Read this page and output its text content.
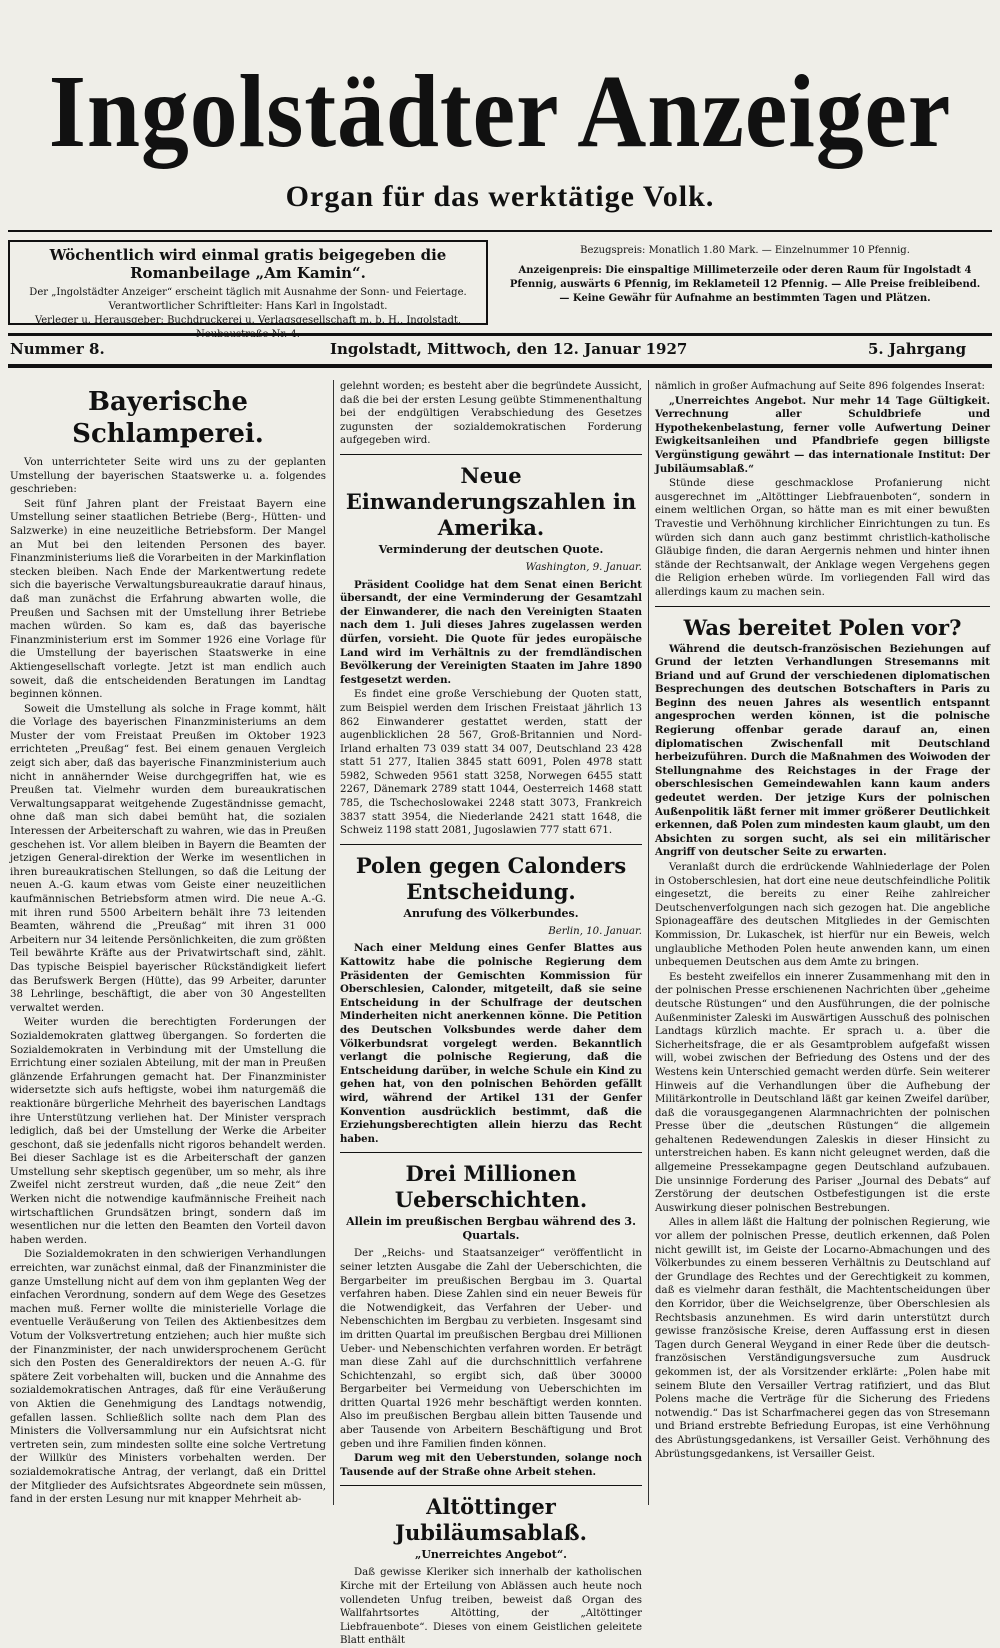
Ingolstädter Anzeiger
Organ für das werktätige Volk.
Wöchentlich wird einmal gratis beigegeben die Romanbeilage „Am Kamin“.
Der „Ingolstädter Anzeiger“ erscheint täglich mit Ausnahme der Sonn- und Feiertage.
Verantwortlicher Schriftleiter: Hans Karl in Ingolstadt.
Verleger u. Herausgeber: Buchdruckerei u. Verlagsgesellschaft m. b. H., Ingolstadt,
Bezugspreis: Monatlich 1.80 Mark. — Einzelnummer 10 Pfennig.
Anzeigenpreis: Die einspaltige Millimeterzeile oder deren Raum für Ingolstadt 4 Pfennig, auswärts 6 Pfennig, im Reklameteil 12 Pfennig. — Alle Preise freibleibend. — Keine Gewähr für Aufnahme an bestimmten Tagen und Plätzen.
Nummer 8.	Ingolstadt, Mittwoch, den 12. Januar 1927	5. Jahrgang
Bayerische Schlamperei.

Von unterrichteter Seite wird uns zu der geplanten Umstellung der bayerischen Staatswerke u. a. folgendes geschrieben:

Seit fünf Jahren plant der Freistaat Bayern eine Umstellung seiner staatlichen Betriebe (Berg-, Hütten- und Salzwerke) in eine neuzeitliche Betriebsform. Der Mangel an Mut bei den leitenden Personen des bayer. Finanzministeriums ließ die Vorarbeiten in der Markinflation stecken bleiben. Nach Ende der Markentwertung redete sich die bayerische Verwaltungsbureaukratie darauf hinaus, daß man zunächst die Erfahrung abwarten wolle, die Preußen und Sachsen mit der Umstellung ihrer Betriebe machen würden. So kam es, daß das bayerische Finanzministerium erst im Sommer 1926 eine Vorlage für die Umstellung der bayerischen Staatswerke in eine Aktiengesellschaft vorlegte. Jetzt ist man endlich auch soweit, daß die entscheidenden Beratungen im Landtag beginnen können.

Soweit die Umstellung als solche in Frage kommt, hält die Vorlage des bayerischen Finanzministeriums an dem Muster der vom Freistaat Preußen im Oktober 1923 errichteten „Preußag“ fest. Bei einem genauen Vergleich zeigt sich aber, daß das bayerische Finanzministerium auch nicht in annähernder Weise durchgegriffen hat, wie es Preußen tat. Vielmehr wurden dem bureaukratischen Verwaltungsapparat weitgehende Zugeständnisse gemacht, ohne daß man sich dabei bemüht hat, die sozialen Interessen der Arbeiterschaft zu wahren, wie das in Preußen geschehen ist. Vor allem bleiben in Bayern die Beamten der jetzigen General-direktion der Werke im wesentlichen in ihren bureaukratischen Stellungen, so daß die Leitung der neuen A.-G. kaum etwas vom Geiste einer neuzeitlichen kaufmännischen Betriebsform atmen wird. Die neue A.-G. mit ihren rund 5500 Arbeitern behält ihre 73 leitenden Beamten, während die „Preußag“ mit ihren 31 000 Arbeitern nur 34 leitende Persönlichkeiten, die zum größten Teil bewährte Kräfte aus der Privatwirtschaft sind, zählt. Das typische Beispiel bayerischer Rückständigkeit liefert das Berufswerk Bergen (Hütte), das 99 Arbeiter, darunter 38 Lehrlinge, beschäftigt, die aber von 30 Angestellten verwaltet werden.

Weiter wurden die berechtigten Forderungen der Sozialdemokraten glattweg übergangen. So forderten die Sozialdemokraten in Verbindung mit der Umstellung die Errichtung einer sozialen Abteilung, mit der man in Preußen glänzende Erfahrungen gemacht hat. Der Finanzminister widersetzte sich aufs heftigste, wobei ihm naturgemäß die reaktionäre bürgerliche Mehrheit des bayerischen Landtags ihre Unterstützung verliehen hat. Der Minister versprach lediglich, daß bei der Umstellung der Werke die Arbeiter geschont, daß sie jedenfalls nicht rigoros behandelt werden. Bei dieser Sachlage ist es die Arbeiterschaft der ganzen Umstellung sehr skeptisch gegenüber, um so mehr, als ihre Zweifel nicht zerstreut wurden, daß „die neue Zeit“ den Werken nicht die notwendige kaufmännische Freiheit nach wirtschaftlichen Grundsätzen bringt, sondern daß im wesentlichen nur die letten den Beamten den Vorteil davon haben werden.

Die Sozialdemokraten in den schwierigen Verhandlungen erreichten, war zunächst einmal, daß der Finanzminister die ganze Umstellung nicht auf dem von ihm geplanten Weg der einfachen Verordnung, sondern auf dem Wege des Gesetzes machen muß. Ferner wollte die ministerielle Vorlage die eventuelle Veräußerung von Teilen des Aktienbesitzes dem Votum der Volksvertretung entziehen; auch hier mußte sich der Finanzminister, der nach unwidersprochenem Gerücht sich den Posten des Generaldirektors der neuen A.-G. für spätere Zeit vorbehalten will, bucken und die Annahme des sozialdemokratischen Antrages, daß für eine Veräußerung von Aktien die Genehmigung des Landtags notwendig, gefallen lassen. Schließlich sollte nach dem Plan des Ministers die Vollversammlung nur ein Aufsichtsrat nicht vertreten sein, zum mindesten sollte eine solche Vertretung der Willkür des Ministers vorbehalten werden. Der sozialdemokratische Antrag, der verlangt, daß ein Drittel der Mitglieder des Aufsichtsrates Abgeordnete sein müssen, fand in der ersten Lesung nur mit knapper Mehrheit ab-

gelehnt worden; es besteht aber die begründete Aussicht, daß die bei der ersten Lesung geübte Stimmenenthaltung bei der endgültigen Verabschiedung des Gesetzes zugunsten der sozialdemokratischen Forderung aufgegeben wird.

Neue Einwanderungszahlen in Amerika.
Verminderung der deutschen Quote.
Washington, 9. Januar.

Präsident Coolidge hat dem Senat einen Bericht übersandt, der eine Verminderung der Gesamtzahl der Einwanderer, die nach den Vereinigten Staaten nach dem 1. Juli dieses Jahres zugelassen werden dürfen, vorsieht. Die Quote für jedes europäische Land wird im Verhältnis zu der fremdländischen Bevölkerung der Vereinigten Staaten im Jahre 1890 festgesetzt werden.

Es findet eine große Verschiebung der Quoten statt, zum Beispiel werden dem Irischen Freistaat jährlich 13 862 Einwanderer gestattet werden, statt der augenblicklichen 28 567, Groß-Britannien und Nord-Irland erhalten 73 039 statt 34 007, Deutschland 23 428 statt 51 277, Italien 3845 statt 6091, Polen 4978 statt 5982, Schweden 9561 statt 3258, Norwegen 6455 statt 2267, Dänemark 2789 statt 1044, Oesterreich 1468 statt 785, die Tschechoslowakei 2248 statt 3073, Frankreich 3837 statt 3954, die Niederlande 2421 statt 1648, die Schweiz 1198 statt 2081, Jugoslawien 777 statt 671.

Polen gegen Calonders Entscheidung.
Anrufung des Völkerbundes.
Berlin, 10. Januar.

Nach einer Meldung eines Genfer Blattes aus Kattowitz habe die polnische Regierung dem Präsidenten der Gemischten Kommission für Oberschlesien, Calonder, mitgeteilt, daß sie seine Entscheidung in der Schulfrage der deutschen Minderheiten nicht anerkennen könne. Die Petition des Deutschen Volksbundes werde daher dem Völkerbundsrat vorgelegt werden. Bekanntlich verlangt die polnische Regierung, daß die Entscheidung darüber, in welche Schule ein Kind zu gehen hat, von den polnischen Behörden gefällt wird, während der Artikel 131 der Genfer Konvention ausdrücklich bestimmt, daß die Erziehungsberechtigten allein hierzu das Recht haben.

Drei Millionen Ueberschichten.
Allein im preußischen Bergbau während des 3. Quartals.

Der „Reichs- und Staatsanzeiger“ veröffentlicht in seiner letzten Ausgabe die Zahl der Ueberschichten, die Bergarbeiter im preußischen Bergbau im 3. Quartal verfahren haben. Diese Zahlen sind ein neuer Beweis für die Notwendigkeit, das Verfahren der Ueber- und Nebenschichten im Bergbau zu verbieten. Insgesamt sind im dritten Quartal im preußischen Bergbau drei Millionen Ueber- und Nebenschichten verfahren worden. Er beträgt man diese Zahl auf die durchschnittlich verfahrene Schichtenzahl, so ergibt sich, daß über 30000 Bergarbeiter bei Vermeidung von Ueberschichten im dritten Quartal 1926 mehr beschäftigt werden konnten. Also im preußischen Bergbau allein bitten Tausende und aber Tausende von Arbeitern Beschäftigung und Brot geben und ihre Familien finden können.

Darum weg mit den Ueberstunden, solange noch Tausende auf der Straße ohne Arbeit stehen.

Altöttinger Jubiläumsablaß.
„Unerreichtes Angebot“.

Daß gewisse Kleriker sich innerhalb der katholischen Kirche mit der Erteilung von Ablässen auch heute noch vollendeten Unfug treiben, beweist daß Organ des Wallfahrtsortes Altötting, der „Altöttinger Liebfrauenbote“. Dieses von einem Geistlichen geleitete Blatt enthält

nämlich in großer Aufmachung auf Seite 896 folgendes Inserat:

„Unerreichtes Angebot. Nur mehr 14 Tage Gültigkeit. Verrechnung aller Schuldbriefe und Hypothekenbelastung, ferner volle Aufwertung Deiner Ewigkeitsanleihen und Pfandbriefe gegen billigste Vergünstigung gewährt — das internationale Institut: Der Jubiläumsablaß.“

Stünde diese geschmacklose Profanierung nicht ausgerechnet im „Altöttinger Liebfrauenboten“, sondern in einem weltlichen Organ, so hätte man es mit einer bewußten Travestie und Verhöhnung kirchlicher Einrichtungen zu tun. Es würden sich dann auch ganz bestimmt christlich-katholische Gläubige finden, die daran Aergernis nehmen und hinter ihnen stände der Rechtsanwalt, der Anklage wegen Vergehens gegen die Religion erheben würde. Im vorliegenden Fall wird das allerdings kaum zu machen sein.

Was bereitet Polen vor?

Während die deutsch-französischen Beziehungen auf Grund der letzten Verhandlungen Stresemanns mit Briand und auf Grund der verschiedenen diplomatischen Besprechungen des deutschen Botschafters in Paris zu Beginn des neuen Jahres als wesentlich entspannt angesprochen werden können, ist die polnische Regierung offenbar gerade darauf an, einen diplomatischen Zwischenfall mit Deutschland herbeizuführen. Durch die Maßnahmen des Woiwoden der Stellungnahme des Reichstages in der Frage der oberschlesischen Gemeindewahlen kann kaum anders gedeutet werden. Der jetzige Kurs der polnischen Außenpolitik läßt ferner mit immer größerer Deutlichkeit erkennen, daß Polen zum mindesten kaum glaubt, um den Absichten zu sorgen sucht, als sei ein militärischer Angriff von deutscher Seite zu erwarten.

Veranlaßt durch die erdrückende Wahlniederlage der Polen in Ostoberschlesien, hat dort eine neue deutschfeindliche Politik eingesetzt, die bereits zu einer Reihe zahlreicher Deutschenverfolgungen nach sich gezogen hat. Die angebliche Spionageaffäre des deutschen Mitgliedes in der Gemischten Kommission, Dr. Lukaschek, ist hierfür nur ein Beweis, welch unglaubliche Methoden Polen heute anwenden kann, um einen unbequemen Deutschen aus dem Amte zu bringen.

Es besteht zweifellos ein innerer Zusammenhang mit den in der polnischen Presse erschienenen Nachrichten über „geheime deutsche Rüstungen“ und den Ausführungen, die der polnische Außenminister Zaleski im Auswärtigen Ausschuß des polnischen Landtags kürzlich machte. Er sprach u. a. über die Sicherheitsfrage, die er als Gesamtproblem aufgefaßt wissen will, wobei zwischen der Befriedung des Ostens und der des Westens kein Unterschied gemacht werden dürfe. Sein weiterer Hinweis auf die Verhandlungen über die Aufhebung der Militärkontrolle in Deutschland läßt gar keinen Zweifel darüber, daß die vorausgegangenen Alarmnachrichten der polnischen Presse über die „deutschen Rüstungen“ die allgemein gehaltenen Redewendungen Zaleskis in dieser Hinsicht zu unterstreichen haben. Es kann nicht geleugnet werden, daß die allgemeine Pressekampagne gegen Deutschland aufzubauen. Die unsinnige Forderung des Pariser „Journal des Debats“ auf Zerstörung der deutschen Ostbefestigungen ist die erste Auswirkung dieser polnischen Bestrebungen.

Alles in allem läßt die Haltung der polnischen Regierung, wie vor allem der polnischen Presse, deutlich erkennen, daß Polen nicht gewillt ist, im Geiste der Locarno-Abmachungen und des Völkerbundes zu einem besseren Verhältnis zu Deutschland auf der Grundlage des Rechtes und der Gerechtigkeit zu kommen, daß es vielmehr daran festhält, die Machtentscheidungen über den Korridor, über die Weichselgrenze, über Oberschlesien als Rechtsbasis anzunehmen. Es wird darin unterstützt durch gewisse französische Kreise, deren Auffassung erst in diesen Tagen durch General Weygand in einer Rede über die deutsch-französischen Verständigungsversuche zum Ausdruck gekommen ist, der als Vorsitzender erklärte: „Polen habe mit seinem Blute den Versailler Vertrag ratifiziert, und das Blut Polens mache die Verträge für die Sicherung des Friedens notwendig.“ Das ist Scharfmacherei gegen das von Stresemann und Briand erstrebte Befriedung Europas, ist eine Verhöhnung des Abrüstungsgedankens, ist Versailler Geist. Verhöhnung des Abrüstungsgedankens, ist Versailler Geist.
